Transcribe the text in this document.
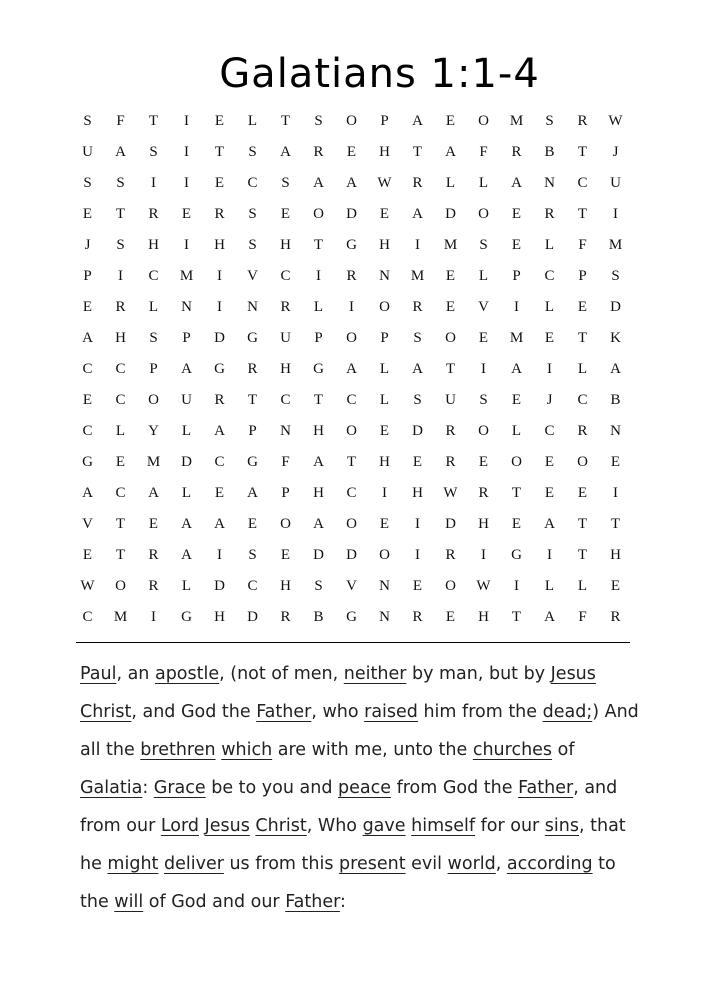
Galatians 1:1-4
S	F	T	I	E	L	T	S	O	P	A	E	O	M	S	R	W
U	A	S	I	T	S	A	R	E	H	T	A	F	R	B	T	J
S	S	I	I	E	C	S	A	A	W	R	L	L	A	N	C	U
E	T	R	E	R	S	E	O	D	E	A	D	O	E	R	T	I
J	S	H	I	H	S	H	T	G	H	I	M	S	E	L	F	M
P	I	C	M	I	V	C	I	R	N	M	E	L	P	C	P	S
E	R	L	N	I	N	R	L	I	O	R	E	V	I	L	E	D
A	H	S	P	D	G	U	P	O	P	S	O	E	M	E	T	K
C	C	P	A	G	R	H	G	A	L	A	T	I	A	I	L	A
E	C	O	U	R	T	C	T	C	L	S	U	S	E	J	C	B
C	L	Y	L	A	P	N	H	O	E	D	R	O	L	C	R	N
G	E	M	D	C	G	F	A	T	H	E	R	E	O	E	O	E
A	C	A	L	E	A	P	H	C	I	H	W	R	T	E	E	I
V	T	E	A	A	E	O	A	O	E	I	D	H	E	A	T	T
E	T	R	A	I	S	E	D	D	O	I	R	I	G	I	T	H
W	O	R	L	D	C	H	S	V	N	E	O	W	I	L	L	E
C	M	I	G	H	D	R	B	G	N	R	E	H	T	A	F	R

Paul, an apostle, (not of men, neither by man, but by Jesus Christ, and God the Father, who raised him from the dead;) And all the brethren which are with me, unto the churches of Galatia: Grace be to you and peace from God the Father, and from our Lord Jesus Christ, Who gave himself for our sins, that he might deliver us from this present evil world, according to the will of God and our Father:
